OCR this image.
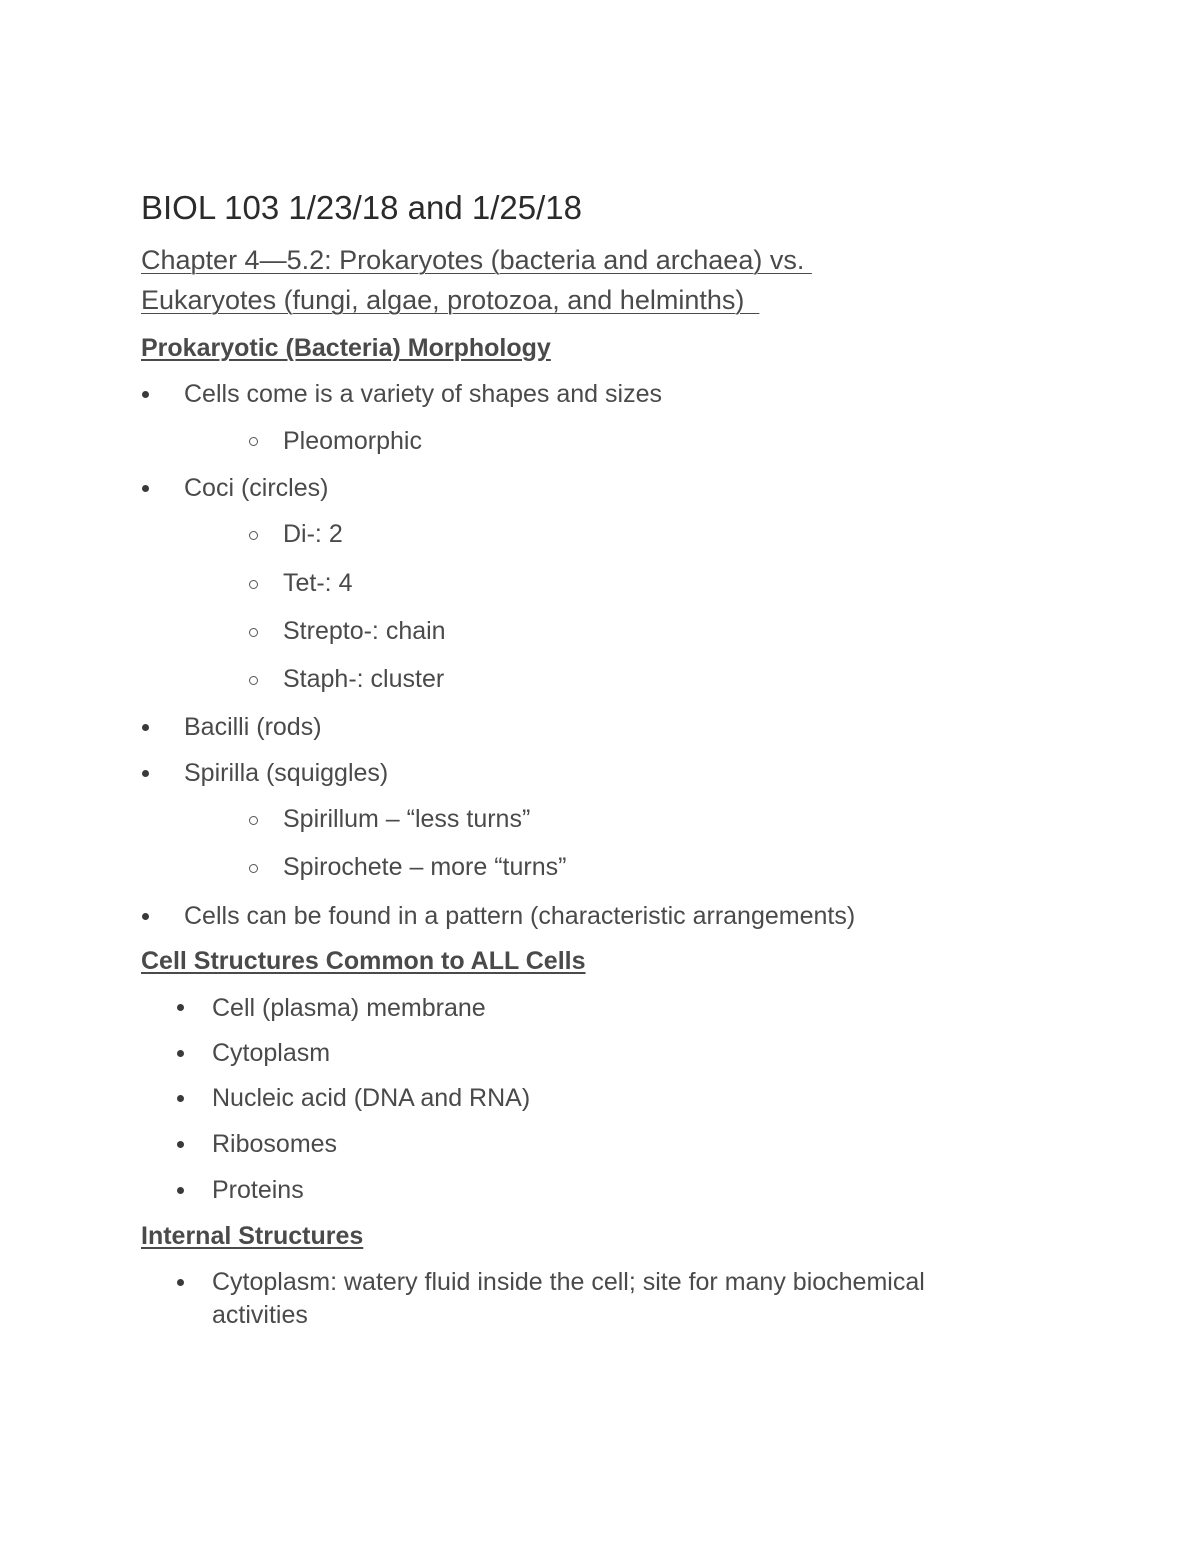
BIOL 103 1/23/18 and 1/25/18
Chapter 4—5.2: Prokaryotes (bacteria and archaea) vs.
Eukaryotes (fungi, algae, protozoa, and helminths)
Prokaryotic (Bacteria) Morphology
Cells come is a variety of shapes and sizes
Pleomorphic
Coci (circles)
Di-: 2
Tet-: 4
Strepto-: chain
Staph-: cluster
Bacilli (rods)
Spirilla (squiggles)
Spirillum – “less turns”
Spirochete – more “turns”
Cells can be found in a pattern (characteristic arrangements)
Cell Structures Common to ALL Cells
Cell (plasma) membrane
Cytoplasm
Nucleic acid (DNA and RNA)
Ribosomes
Proteins
Internal Structures
Cytoplasm: watery fluid inside the cell; site for many biochemical
activities
